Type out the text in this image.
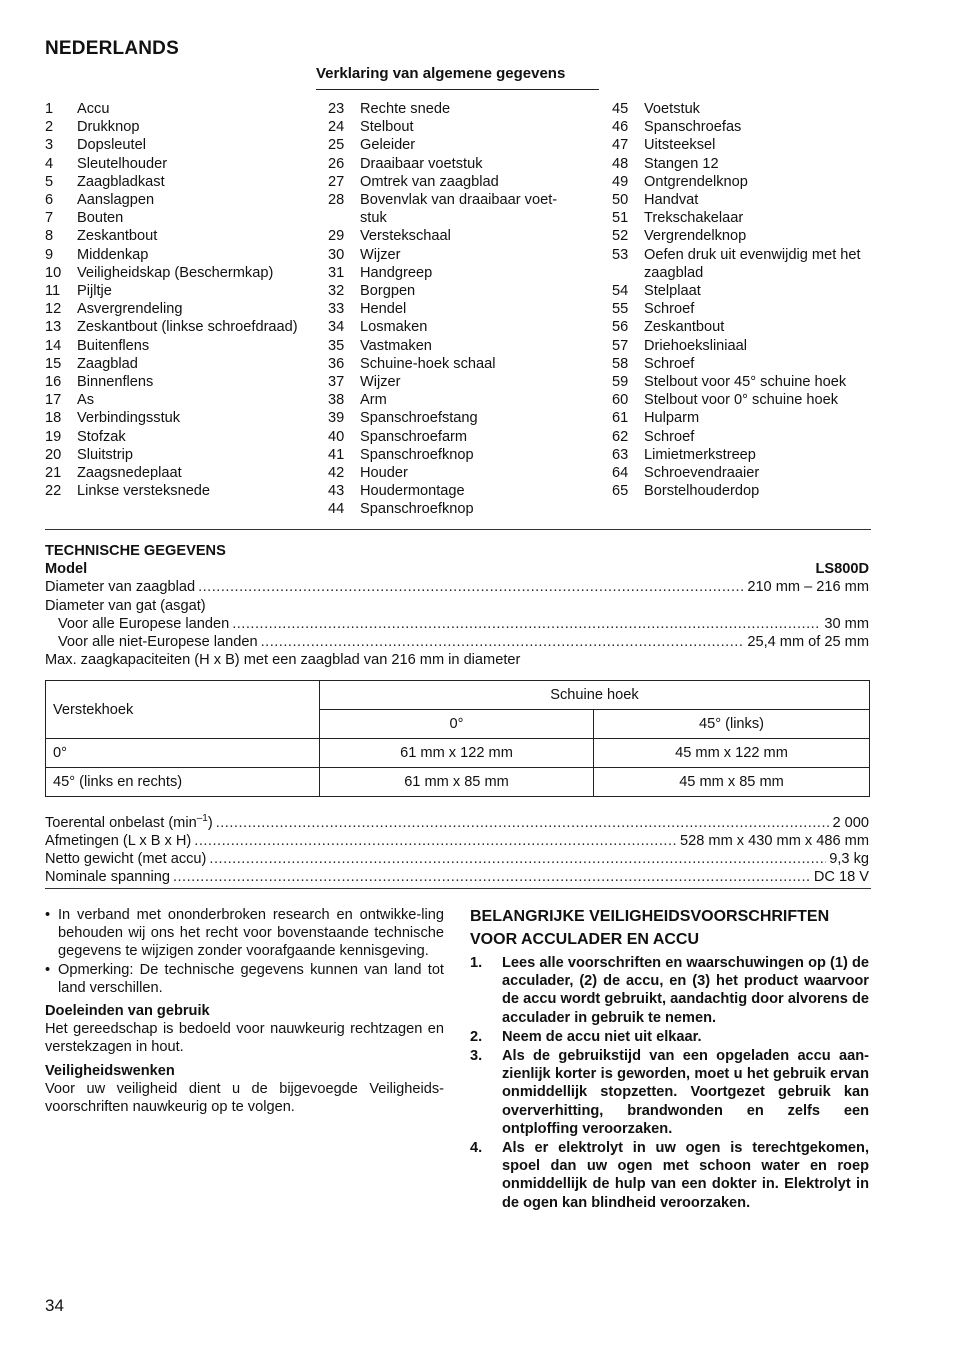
NEDERLANDS
Verklaring van algemene gegevens
1	Accu
2	Drukknop
3	Dopsleutel
4	Sleutelhouder
5	Zaagbladkast
6	Aanslagpen
7	Bouten
8	Zeskantbout
9	Middenkap
10	Veiligheidskap (Beschermkap)
11	Pijltje
12	Asvergrendeling
13	Zeskantbout (linkse schroefdraad)
14	Buitenflens
15	Zaagblad
16	Binnenflens
17	As
18	Verbindingsstuk
19	Stofzak
20	Sluitstrip
21	Zaagsnedeplaat
22	Linkse versteksnede
23	Rechte snede
24	Stelbout
25	Geleider
26	Draaibaar voetstuk
27	Omtrek van zaagblad
28	Bovenvlak van draaibaar voet-stuk
29	Verstekschaal
30	Wijzer
31	Handgreep
32	Borgpen
33	Hendel
34	Losmaken
35	Vastmaken
36	Schuine-hoek schaal
37	Wijzer
38	Arm
39	Spanschroefstang
40	Spanschroefarm
41	Spanschroefknop
42	Houder
43	Houdermontage
44	Spanschroefknop
45	Voetstuk
46	Spanschroefas
47	Uitsteeksel
48	Stangen 12
49	Ontgrendelknop
50	Handvat
51	Trekschakelaar
52	Vergrendelknop
53	Oefen druk uit evenwijdig met het zaagblad
54	Stelplaat
55	Schroef
56	Zeskantbout
57	Driehoeksliniaal
58	Schroef
59	Stelbout voor 45° schuine hoek
60	Stelbout voor 0° schuine hoek
61	Hulparm
62	Schroef
63	Limietmerkstreep
64	Schroevendraaier
65	Borstelhouderdop
TECHNISCHE GEGEVENS
Model	LS800D
Diameter van zaagblad .....	210 mm – 216 mm
Diameter van gat (asgat)
Voor alle Europese landen .....	30 mm
Voor alle niet-Europese landen .....	25,4 mm of 25 mm
Max. zaagkapaciteiten (H x B) met een zaagblad van 216 mm in diameter
Verstekhoek	Schuine hoek	
	0°	45° (links)
0°	61 mm x 122 mm	45 mm x 122 mm
45° (links en rechts)	61 mm x 85 mm	45 mm x 85 mm
Toerental onbelast $(\min^{-1})$ .....	2 000
Afmetingen (L x B x H) .....	528 mm x 430 mm x 486 mm
Netto gewicht (met accu) .....	9,3 kg
Nominale spanning .....	DC 18 V
• In verband met ononderbroken research en ontwikke-ling behouden wij ons het recht voor bovenstaande technische gegevens te wijzigen zonder voorafgaande kennisgeving.
• Opmerking: De technische gegevens kunnen van land tot land verschillen.
Doeleinden van gebruik
Het gereedschap is bedoeld voor nauwkeurig rechtzagen en verstekzagen in hout.
Veiligheidswenken
Voor uw veiligheid dient u de bijgevoegde Veiligheids-voorschriften nauwkeurig op te volgen.
BELANGRIJKE VEILIGHEIDSVOORSCHRIFTEN VOOR ACCULADER EN ACCU
1.	Lees alle voorschriften en waarschuwingen op (1) de acculader, (2) de accu, en (3) het product waarvoor de accu wordt gebruikt, aandachtig door alvorens de acculader in gebruik te nemen.
2.	Neem de accu niet uit elkaar.
3.	Als de gebruikstijd van een opgeladen accu aan-zienlijk korter is geworden, moet u het gebruik ervan onmiddellijk stopzetten. Voortgezet gebruik kan oververhitting, brandwonden en zelfs een ontploffing veroorzaken.
4.	Als er elektrolyt in uw ogen is terechtgekomen, spoel dan uw ogen met schoon water en roep onmiddellijk de hulp van een dokter in. Elektrolyt in de ogen kan blindheid veroorzaken.
34
